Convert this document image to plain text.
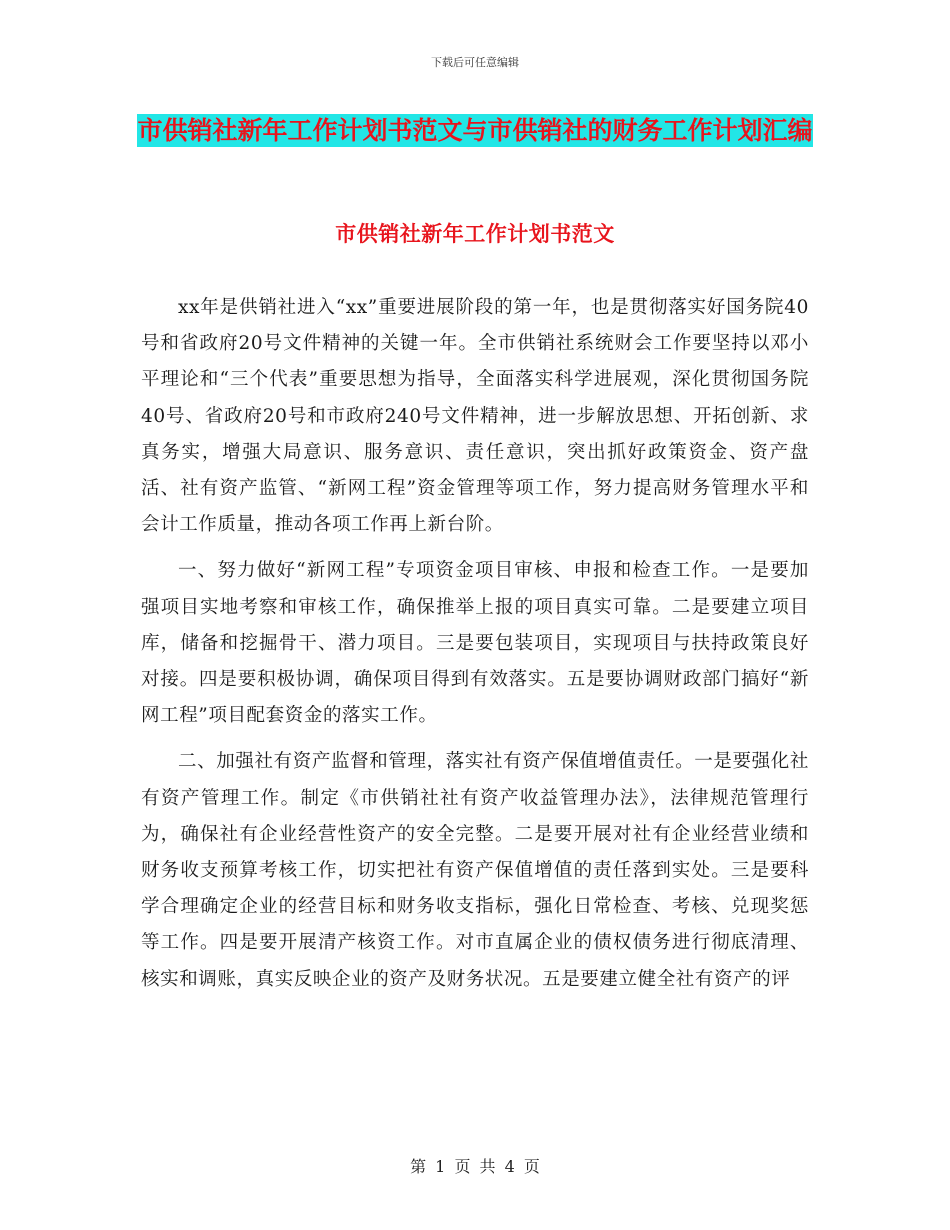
下载后可任意编辑
市供销社新年工作计划书范文与市供销社的财务工作计划汇编
市供销社新年工作计划书范文

xx年是供销社进入“xx”重要进展阶段的第一年，也是贯彻落实好国务院40号和省政府20号文件精神的关键一年。全市供销社系统财会工作要坚持以邓小平理论和“三个代表”重要思想为指导，全面落实科学进展观，深化贯彻国务院40号、省政府20号和市政府240号文件精神，进一步解放思想、开拓创新、求真务实，增强大局意识、服务意识、责任意识，突出抓好政策资金、资产盘活、社有资产监管、“新网工程”资金管理等项工作，努力提高财务管理水平和会计工作质量，推动各项工作再上新台阶。

一、努力做好“新网工程”专项资金项目审核、申报和检查工作。一是要加强项目实地考察和审核工作，确保推举上报的项目真实可靠。二是要建立项目库，储备和挖掘骨干、潜力项目。三是要包装项目，实现项目与扶持政策良好对接。四是要积极协调，确保项目得到有效落实。五是要协调财政部门搞好“新网工程”项目配套资金的落实工作。

二、加强社有资产监督和管理，落实社有资产保值增值责任。一是要强化社有资产管理工作。制定《市供销社社有资产收益管理办法》，法律规范管理行为，确保社有企业经营性资产的安全完整。二是要开展对社有企业经营业绩和财务收支预算考核工作，切实把社有资产保值增值的责任落到实处。三是要科学合理确定企业的经营目标和财务收支指标，强化日常检查、考核、兑现奖惩等工作。四是要开展清产核资工作。对市直属企业的债权债务进行彻底清理、核实和调账，真实反映企业的资产及财务状况。五是要建立健全社有资产的评

第 1 页 共 4 页
